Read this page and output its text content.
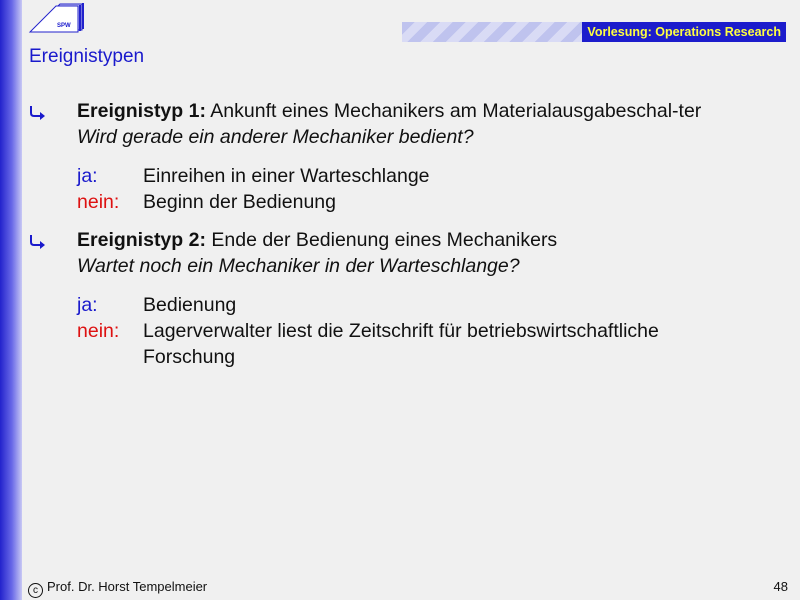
SPW	Vorlesung: Operations Research
Ereignistypen
Ereignistyp 1: Ankunft eines Mechanikers am Materialausgabeschal-ter
Wird gerade ein anderer Mechaniker bedient?
ja:	Einreihen in einer Warteschlange
nein:	Beginn der Bedienung
Ereignistyp 2: Ende der Bedienung eines Mechanikers
Wartet noch ein Mechaniker in der Warteschlange?
ja:	Bedienung
nein:	Lagerverwalter liest die Zeitschrift für betriebswirtschaftliche Forschung
c Prof. Dr. Horst Tempelmeier	48
